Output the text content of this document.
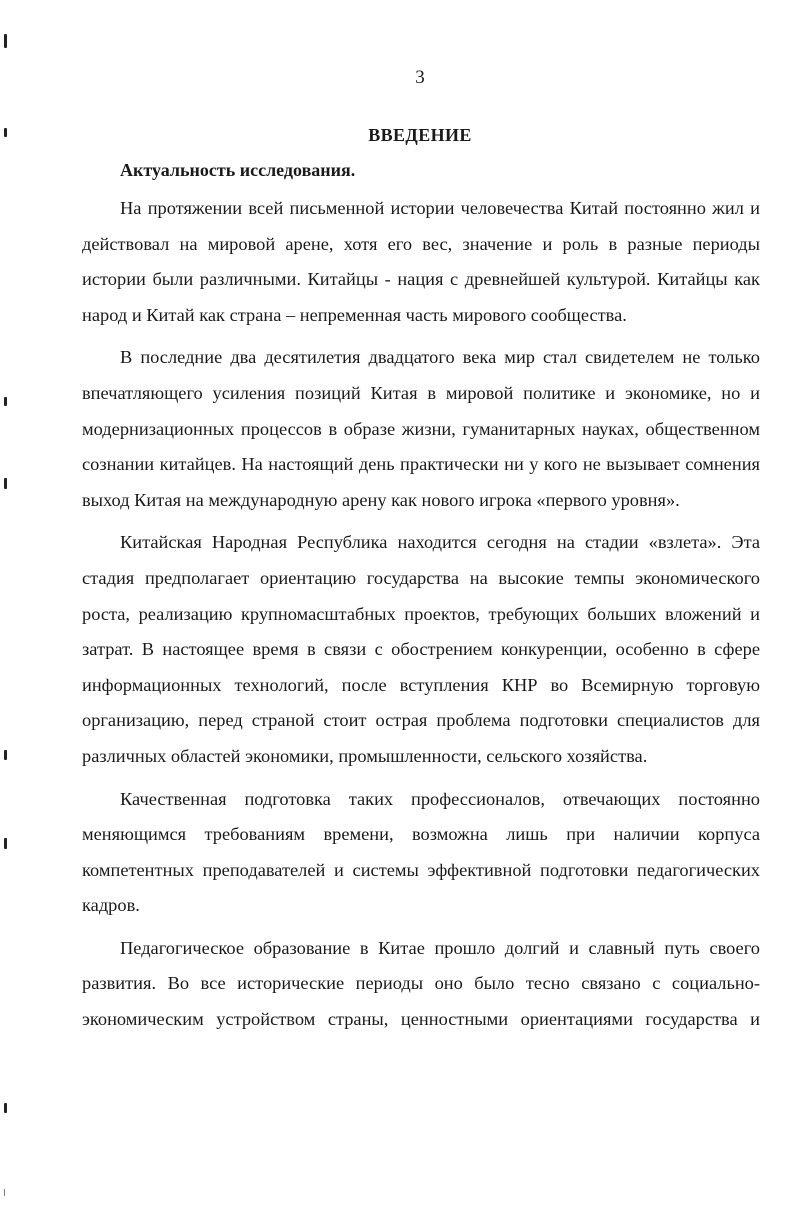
3
ВВЕДЕНИЕ
Актуальность исследования.

На протяжении всей письменной истории человечества Китай постоянно жил и действовал на мировой арене, хотя его вес, значение и роль в разные периоды истории были различными. Китайцы - нация с древнейшей культурой. Китайцы как народ и Китай как страна – непременная часть мирового сообщества.

В последние два десятилетия двадцатого века мир стал свидетелем не только впечатляющего усиления позиций Китая в мировой политике и экономике, но и модернизационных процессов в образе жизни, гуманитарных науках, общественном сознании китайцев. На настоящий день практически ни у кого не вызывает сомнения выход Китая на международную арену как нового игрока «первого уровня».

Китайская Народная Республика находится сегодня на стадии «взлета». Эта стадия предполагает ориентацию государства на высокие темпы экономического роста, реализацию крупномасштабных проектов, требующих больших вложений и затрат. В настоящее время в связи с обострением конкуренции, особенно в сфере информационных технологий, после вступления КНР во Всемирную торговую организацию, перед страной стоит острая проблема подготовки специалистов для различных областей экономики, промышленности, сельского хозяйства.

Качественная подготовка таких профессионалов, отвечающих постоянно меняющимся требованиям времени, возможна лишь при наличии корпуса компетентных преподавателей и системы эффективной подготовки педагогических кадров.

Педагогическое образование в Китае прошло долгий и славный путь своего развития. Во все исторические периоды оно было тесно связано с социально-экономическим устройством страны, ценностными ориентациями государства и
